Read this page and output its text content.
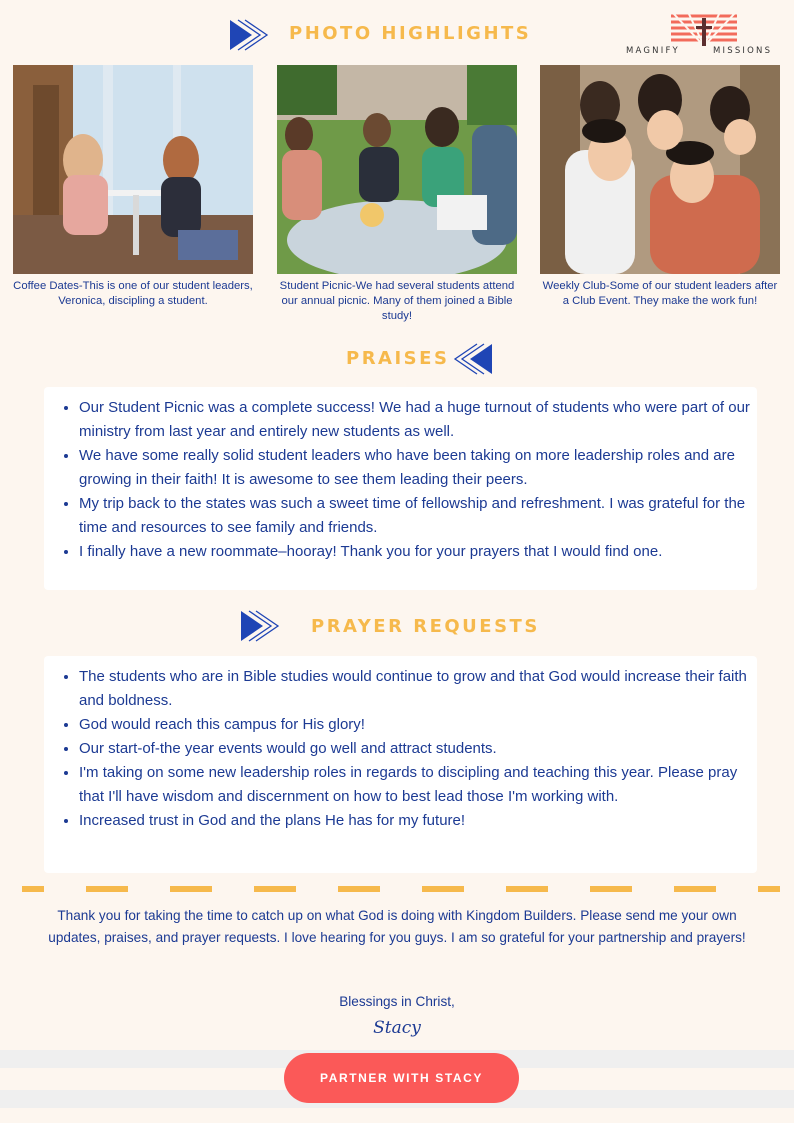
PHOTO HIGHLIGHTS
MAGNIFY	MISSIONS
Coffee Dates-This is one of our student leaders, Veronica, discipling a student.
Student Picnic-We had several students attend our annual picnic. Many of them joined a Bible study!
Weekly Club-Some of our student leaders after a Club Event. They make the work fun!
PRAISES
• Our Student Picnic was a complete success! We had a huge turnout of students who were part of our ministry from last year and entirely new students as well.
• We have some really solid student leaders who have been taking on more leadership roles and are growing in their faith! It is awesome to see them leading their peers.
• My trip back to the states was such a sweet time of fellowship and refreshment. I was grateful for the time and resources to see family and friends.
• I finally have a new roommate–hooray! Thank you for your prayers that I would find one.
PRAYER REQUESTS
• The students who are in Bible studies would continue to grow and that God would increase their faith and boldness.
• God would reach this campus for His glory!
• Our start-of-the year events would go well and attract students.
• I'm taking on some new leadership roles in regards to discipling and teaching this year. Please pray that I'll have wisdom and discernment on how to best lead those I'm working with.
• Increased trust in God and the plans He has for my future!
Thank you for taking the time to catch up on what God is doing with Kingdom Builders. Please send me your own updates, praises, and prayer requests. I love hearing for you guys. I am so grateful for your partnership and prayers!
Blessings in Christ,
Stacy
PARTNER WITH STACY
